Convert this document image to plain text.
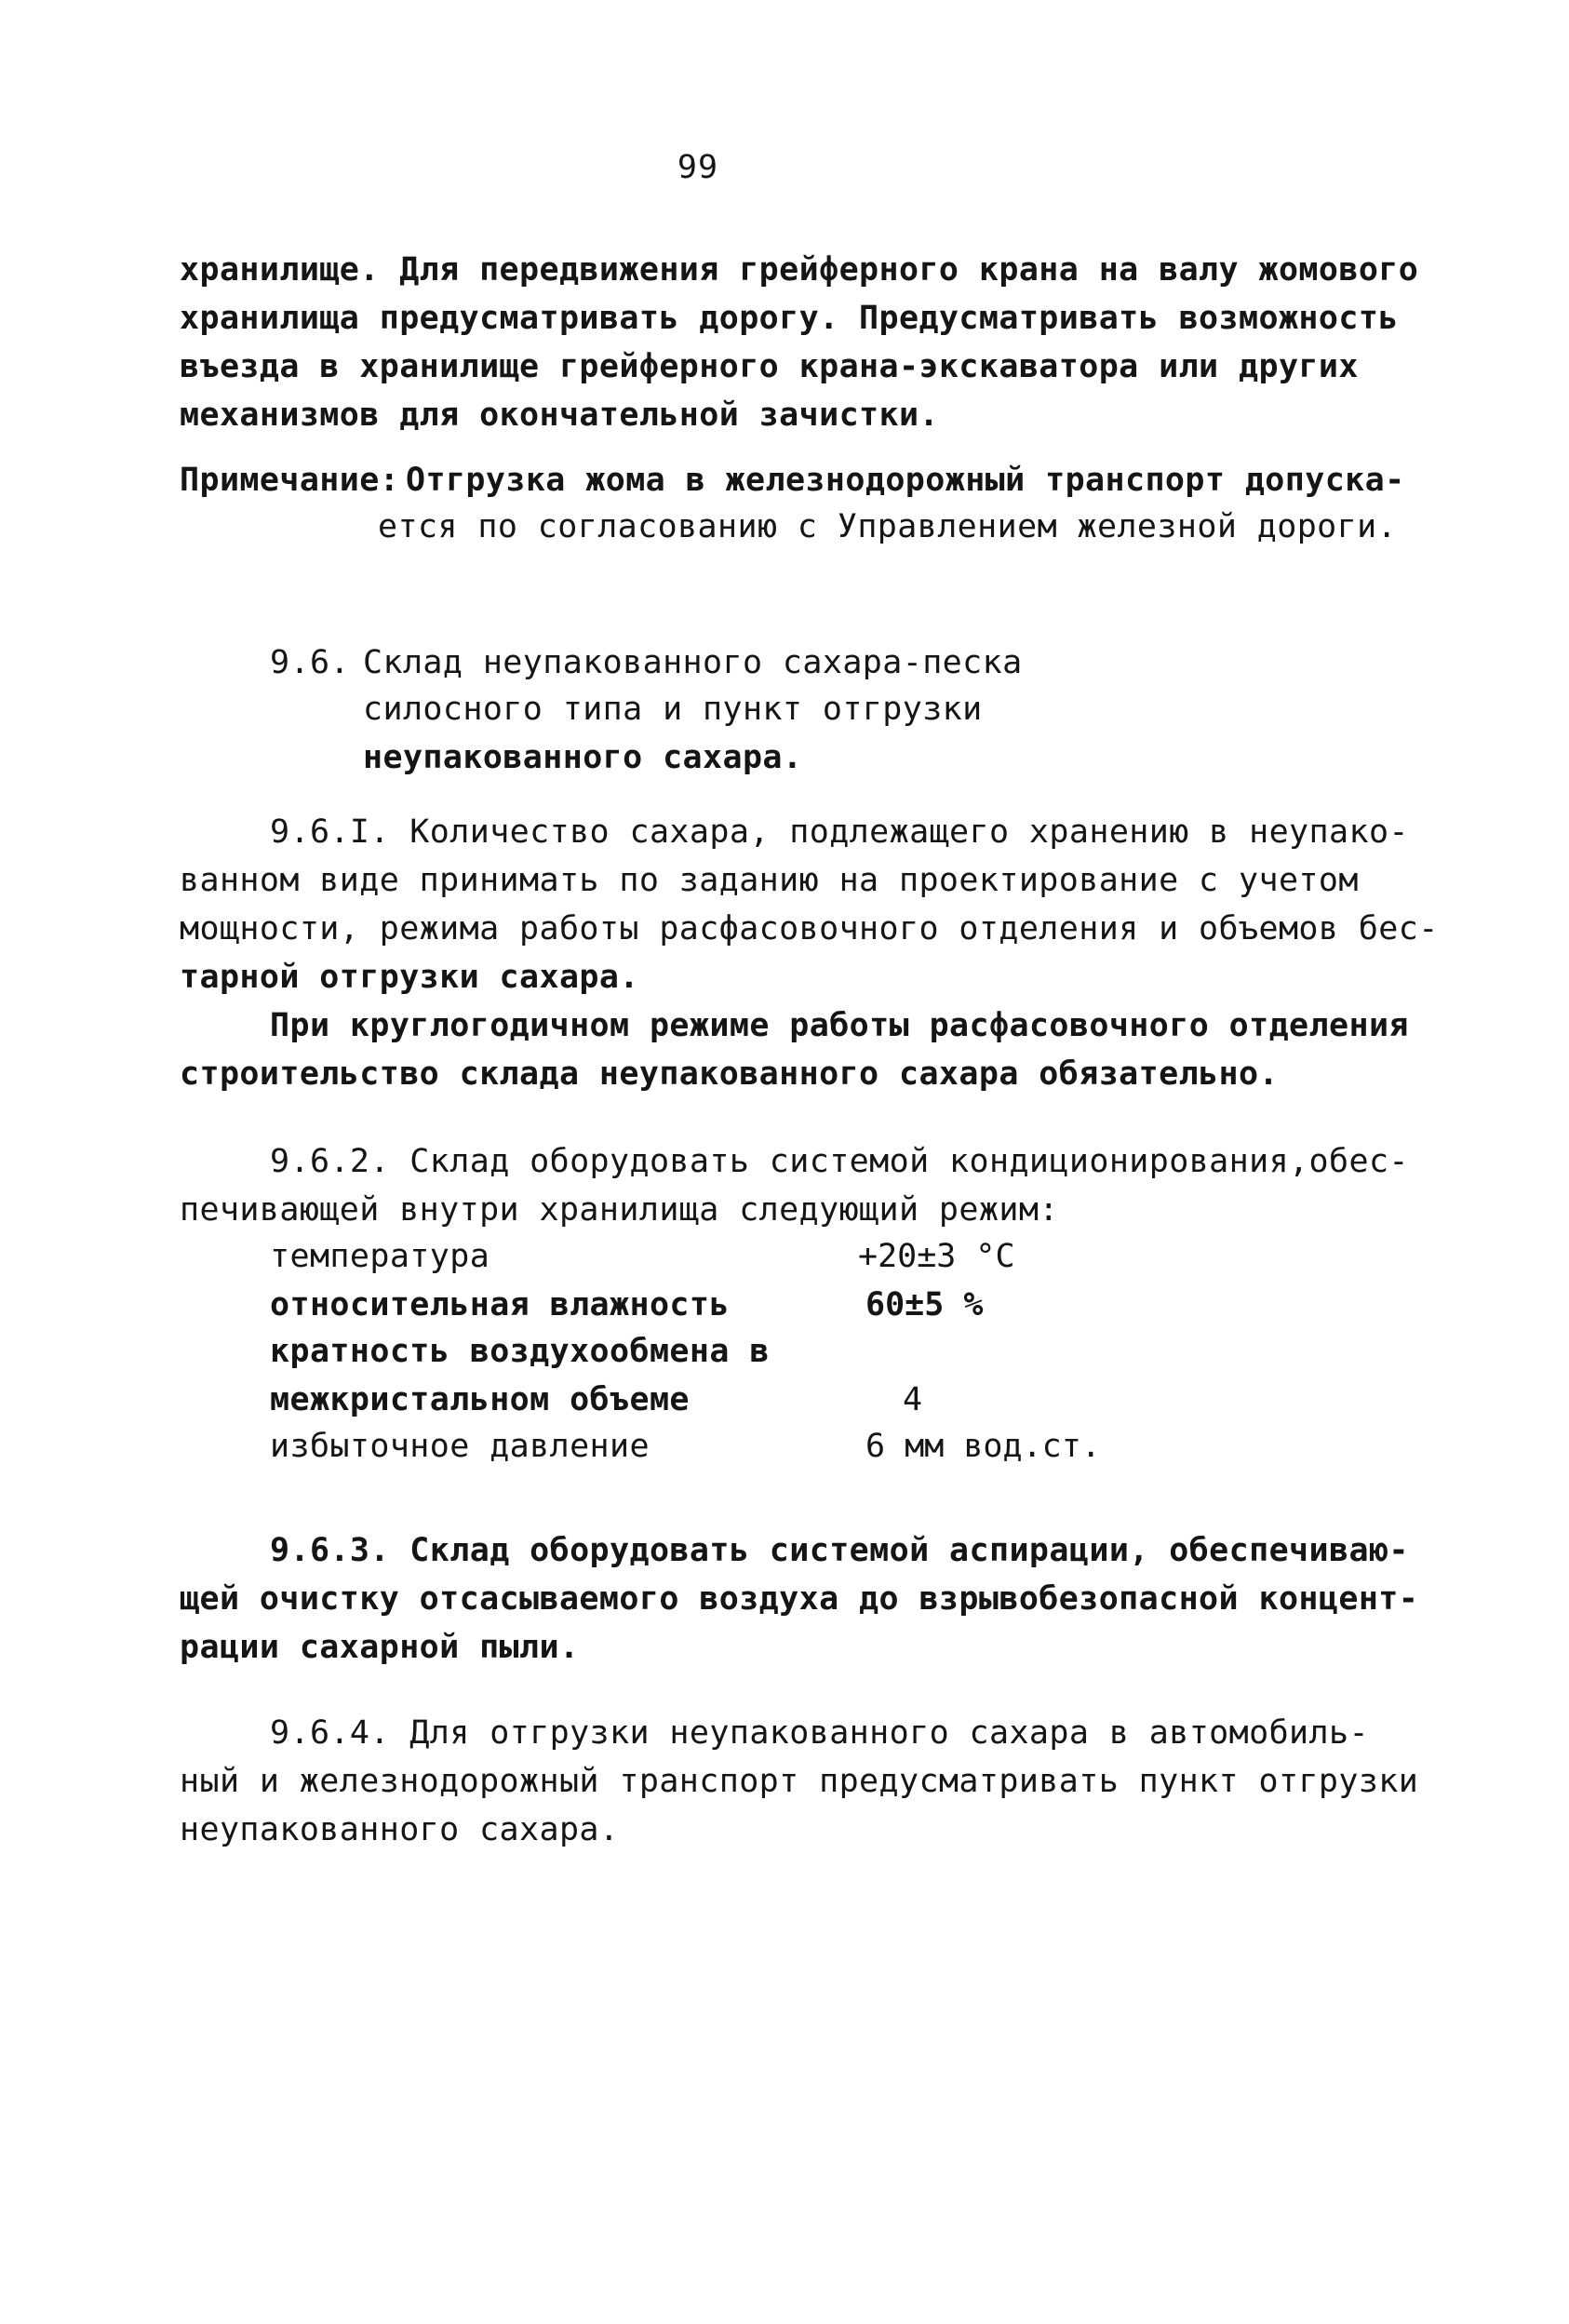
99
хранилище. Для передвижения грейферного крана на валу жомового
хранилища предусматривать дорогу. Предусматривать возможность
въезда в хранилище грейферного крана-экскаватора или других
механизмов для окончательной зачистки.
Примечание: Отгрузка жома в железнодорожный транспорт допускa-
ется по согласованию с Управлением железной дороги.
9.6. Склад неупакованного сахара-песка
силосного типа и пункт отгрузки
неупакованного сахара.
9.6.I. Количество сахара, подлежащего хранению в неупако-
ванном виде принимать по заданию на проектирование с учетом
мощности, режима работы расфасовочного отделения и объемов бес-
тарной отгрузки сахара.
При круглогодичном режиме работы расфасовочного отделения
строительство склада неупакованного сахара обязательно.
9.6.2. Склад оборудовать системой кондиционирования,обес-
печивающей внутри хранилища следующий режим:
температура	+20±3 °С
относительная влажность	60±5 %
кратность воздухообмена в
межкристальном объеме	4
избыточное давление	6 мм вод.ст.
9.6.3. Склад оборудовать системой аспирации, обеспечиваю-
щей очистку отсасываемого воздуха до взрывобезопасной концент-
рации сахарной пыли.
9.6.4. Для отгрузки неупакованного сахара в автомобиль-
ный и железнодорожный транспорт предусматривать пункт отгрузки
неупакованного сахара.
